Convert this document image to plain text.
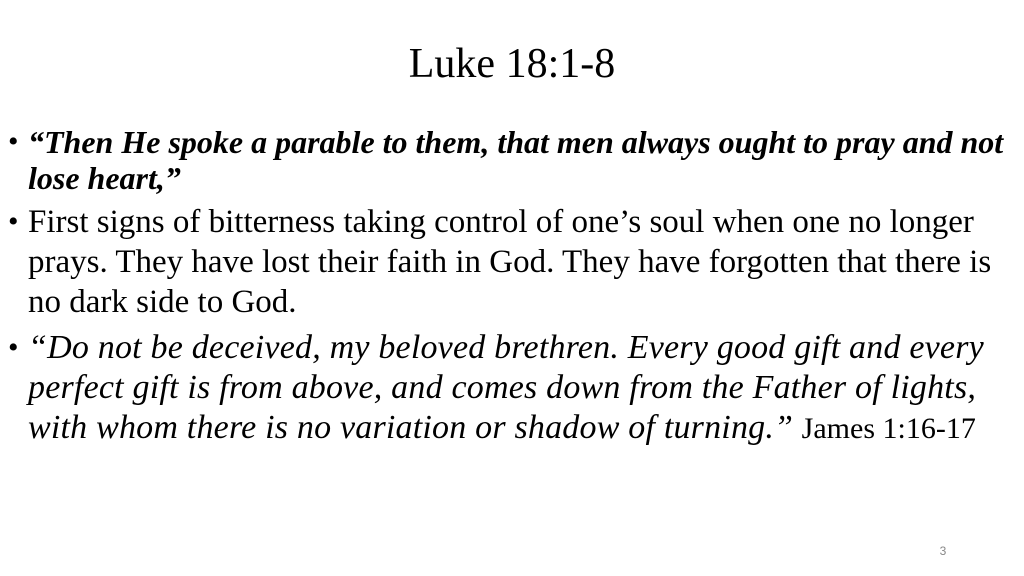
Luke 18:1-8
• “Then He spoke a parable to them, that men always ought to pray and not lose heart,”
• First signs of bitterness taking control of one’s soul when one no longer prays. They have lost their faith in God. They have forgotten that there is no dark side to God.
• “Do not be deceived, my beloved brethren. Every good gift and every perfect gift is from above, and comes down from the Father of lights, with whom there is no variation or shadow of turning.” James 1:16-17
3
